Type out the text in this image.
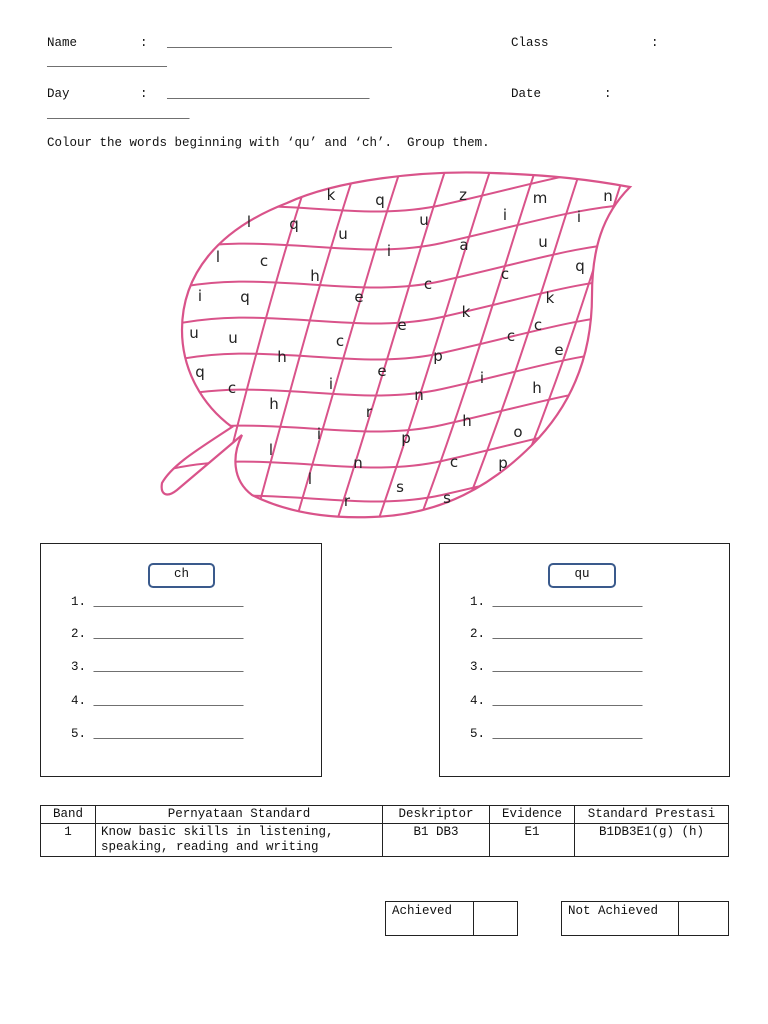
Name	: ______________________________	Class	:
________________
Day	: ___________________________	Date	:
___________________
Colour the words beginning with ‘qu’ and ‘ch’.  Group them.
k	q	z	m	n
l	q	u	i	i
u
a	u
l	c
i
c	q
h
i	q	e
c
k
u
k
e
c
u	c	e
p
c
h
q
c	i
e	i
h
h	n
r	h
i	p	o
l
n	c	p
l	s
r	s
ch
1. ____________________
2. ____________________
3. ____________________
4. ____________________
5. ____________________
qu
1. ____________________
2. ____________________
3. ____________________
4. ____________________
5. ____________________
Band	Pernyataan Standard	Deskriptor	Evidence	Standard Prestasi
1	Know basic skills in listening, speaking, reading and writing	B1 DB3	E1	B1DB3E1(g) (h)
Achieved	Not Achieved
